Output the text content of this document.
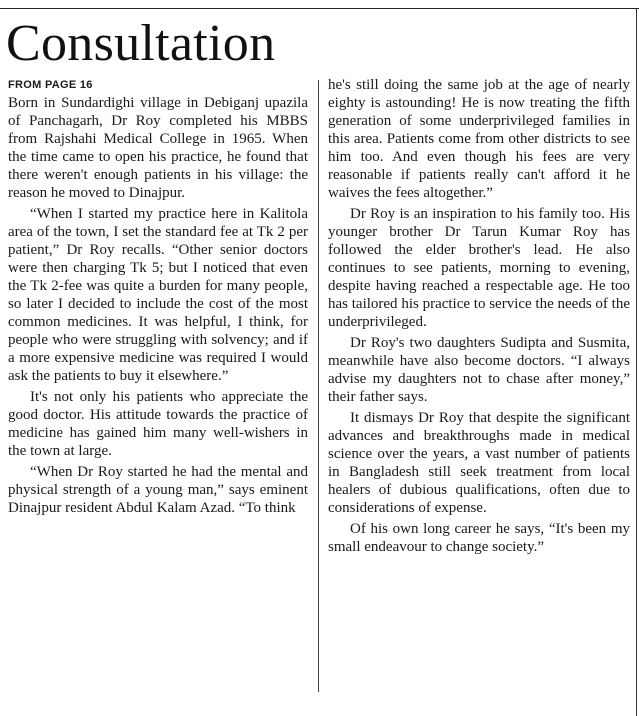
Consultation
FROM PAGE 16

Born in Sundardighi village in Debiganj upazila of Panchagarh, Dr Roy completed his MBBS from Rajshahi Medical College in 1965. When the time came to open his practice, he found that there weren't enough patients in his village: the reason he moved to Dinajpur.

“When I started my practice here in Kalitola area of the town, I set the standard fee at Tk 2 per patient,” Dr Roy recalls. “Other senior doctors were then charging Tk 5; but I noticed that even the Tk 2-fee was quite a burden for many people, so later I decided to include the cost of the most common medicines. It was helpful, I think, for people who were struggling with solvency; and if a more expensive medicine was required I would ask the patients to buy it elsewhere.”

It's not only his patients who appreciate the good doctor. His attitude towards the practice of medicine has gained him many well-wishers in the town at large.

“When Dr Roy started he had the mental and physical strength of a young man,” says eminent Dinajpur resident Abdul Kalam Azad. “To think

he's still doing the same job at the age of nearly eighty is astounding! He is now treating the fifth generation of some underprivileged families in this area. Patients come from other districts to see him too. And even though his fees are very reasonable if patients really can't afford it he waives the fees altogether.”

Dr Roy is an inspiration to his family too. His younger brother Dr Tarun Kumar Roy has followed the elder brother's lead. He also continues to see patients, morning to evening, despite having reached a respectable age. He too has tailored his practice to service the needs of the underprivileged.

Dr Roy's two daughters Sudipta and Susmita, meanwhile have also become doctors. “I always advise my daughters not to chase after money,” their father says.

It dismays Dr Roy that despite the significant advances and breakthroughs made in medical science over the years, a vast number of patients in Bangladesh still seek treatment from local healers of dubious qualifications, often due to considerations of expense.

Of his own long career he says, “It's been my small endeavour to change society.”
